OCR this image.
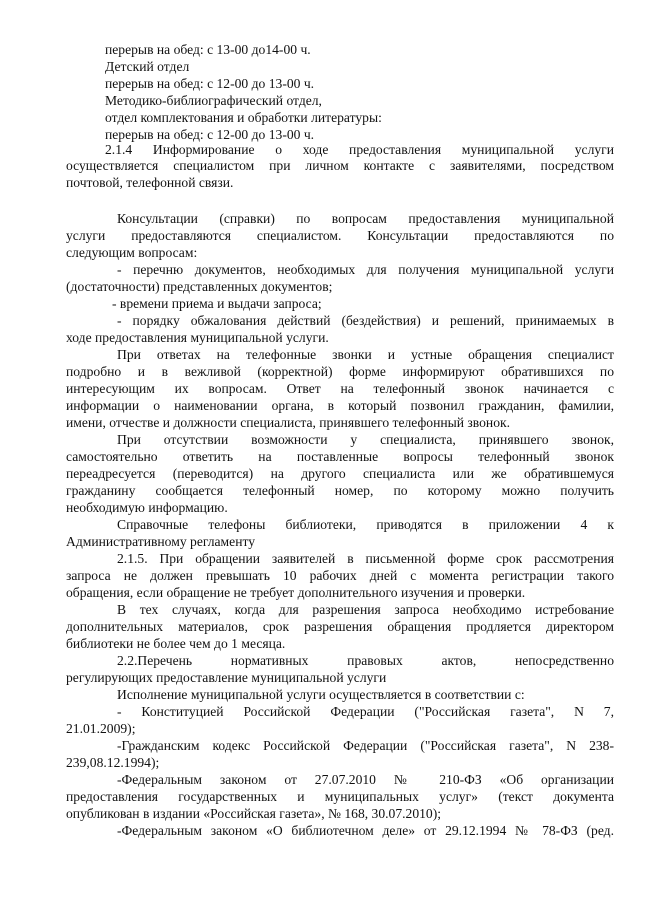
перерыв на обед: с 13-00 до14-00 ч.
Детский отдел
перерыв на обед: с 12-00 до 13-00 ч.
Методико-библиографический отдел,
отдел комплектования и обработки литературы:
перерыв на обед: с 12-00 до 13-00 ч.
2.1.4 Информирование о ходе предоставления муниципальной услуги
осуществляется специалистом при личном контакте с заявителями, посредством
почтовой, телефонной связи.
Консультации (справки) по вопросам предоставления муниципальной
услуги предоставляются специалистом. Консультации предоставляются по
следующим вопросам:
- перечню документов, необходимых для получения муниципальной услуги
(достаточности) представленных документов;
- времени приема и выдачи запроса;
- порядку обжалования действий (бездействия) и решений, принимаемых в
ходе предоставления муниципальной услуги.
При ответах на телефонные звонки и устные обращения специалист
подробно и в вежливой (корректной) форме информируют обратившихся по
интересующим их вопросам. Ответ на телефонный звонок начинается с
информации о наименовании органа, в который позвонил гражданин, фамилии,
имени, отчестве и должности специалиста, принявшего телефонный звонок.
При отсутствии возможности у специалиста, принявшего звонок,
самостоятельно ответить на поставленные вопросы телефонный звонок
переадресуется (переводится) на другого специалиста или же обратившемуся
гражданину сообщается телефонный номер, по которому можно получить
необходимую информацию.
Справочные телефоны библиотеки, приводятся в приложении 4 к
Административному регламенту
2.1.5. При обращении заявителей в письменной форме срок рассмотрения
запроса не должен превышать 10 рабочих дней с момента регистрации такого
обращения, если обращение не требует дополнительного изучения и проверки.
В тех случаях, когда для разрешения запроса необходимо истребование
дополнительных материалов, срок разрешения обращения продляется директором
библиотеки не более чем до 1 месяца.
2.2.Перечень нормативных правовых актов, непосредственно
регулирующих предоставление муниципальной услуги
Исполнение муниципальной услуги осуществляется в соответствии с:
- Конституцией Российской Федерации ("Российская газета", N 7,
21.01.2009);
-Гражданским кодекс Российской Федерации ("Российская газета", N 238-
239,08.12.1994);
-Федеральным законом от 27.07.2010 № 210-ФЗ «Об организации
предоставления государственных и муниципальных услуг» (текст документа
опубликован в издании «Российская газета», № 168, 30.07.2010);
-Федеральным законом «О библиотечном деле» от 29.12.1994 № 78-ФЗ (ред.
